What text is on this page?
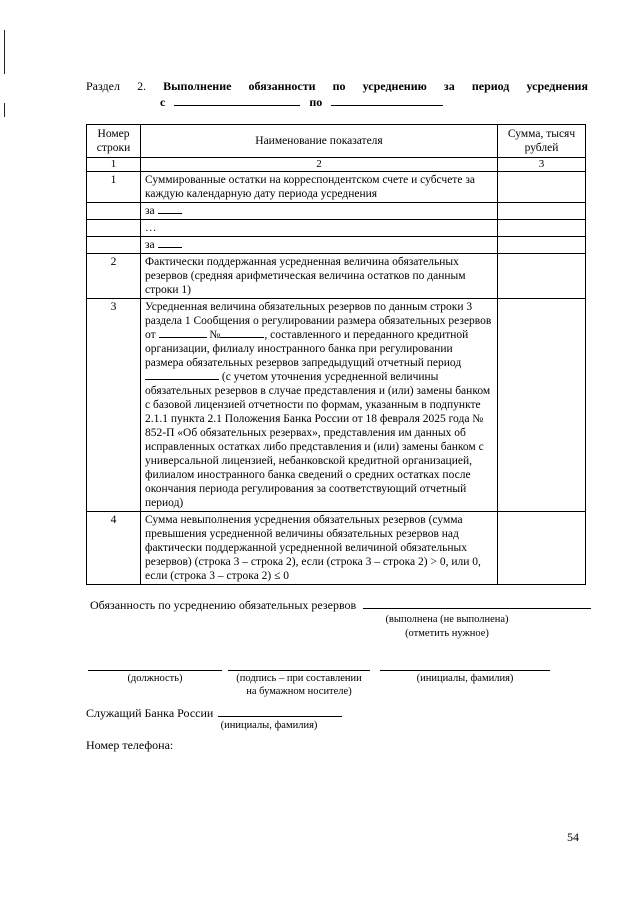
Раздел 2. Выполнение обязанности по усреднению за период усреднения
с	по
Номер строки	Наименование показателя	Сумма, тысяч рублей
1	2	3
1	Суммированные остатки на корреспондентском счете и субсчете за каждую календарную дату периода усреднения	
	за	
	…	
	за	
2	Фактически поддержанная усредненная величина обязательных резервов (средняя арифметическая величина остатков по данным строки 1)	
3	Усредненная величина обязательных резервов по данным строки 3 раздела 1 Сообщения о регулировании размера обязательных резервов от № , составленного и переданного кредитной организации, филиалу иностранного банка при регулировании размера обязательных резервов запредыдущий отчетный период  (с учетом уточнения усредненной величины обязательных резервов в случае представления и (или) замены банком с базовой лицензией отчетности по формам, указанным в подпункте 2.1.1 пункта 2.1 Положения Банка России от 18 февраля 2025 года № 852-П «Об обязательных резервах», представления им данных об исправленных остатках либо представления и (или) замены банком с универсальной лицензией, небанковской кредитной организацией, филиалом иностранного банка сведений о средних остатках после окончания периода регулирования за соответствующий отчетный период)	
4	Сумма невыполнения усреднения обязательных резервов (сумма превышения усредненной величины обязательных резервов над фактически поддержанной усредненной величиной обязательных резервов) (строка 3 – строка 2), если (строка 3 – строка 2) > 0, или 0, если (строка 3 – строка 2) ≤ 0	
Обязанность по усреднению обязательных резервов
(выполнена (не выполнена)
(отметить нужное)
(должность)	(подпись – при составлении
на бумажном носителе)
(инициалы, фамилия)
Служащий Банка России
(инициалы, фамилия)
Номер телефона:
54
